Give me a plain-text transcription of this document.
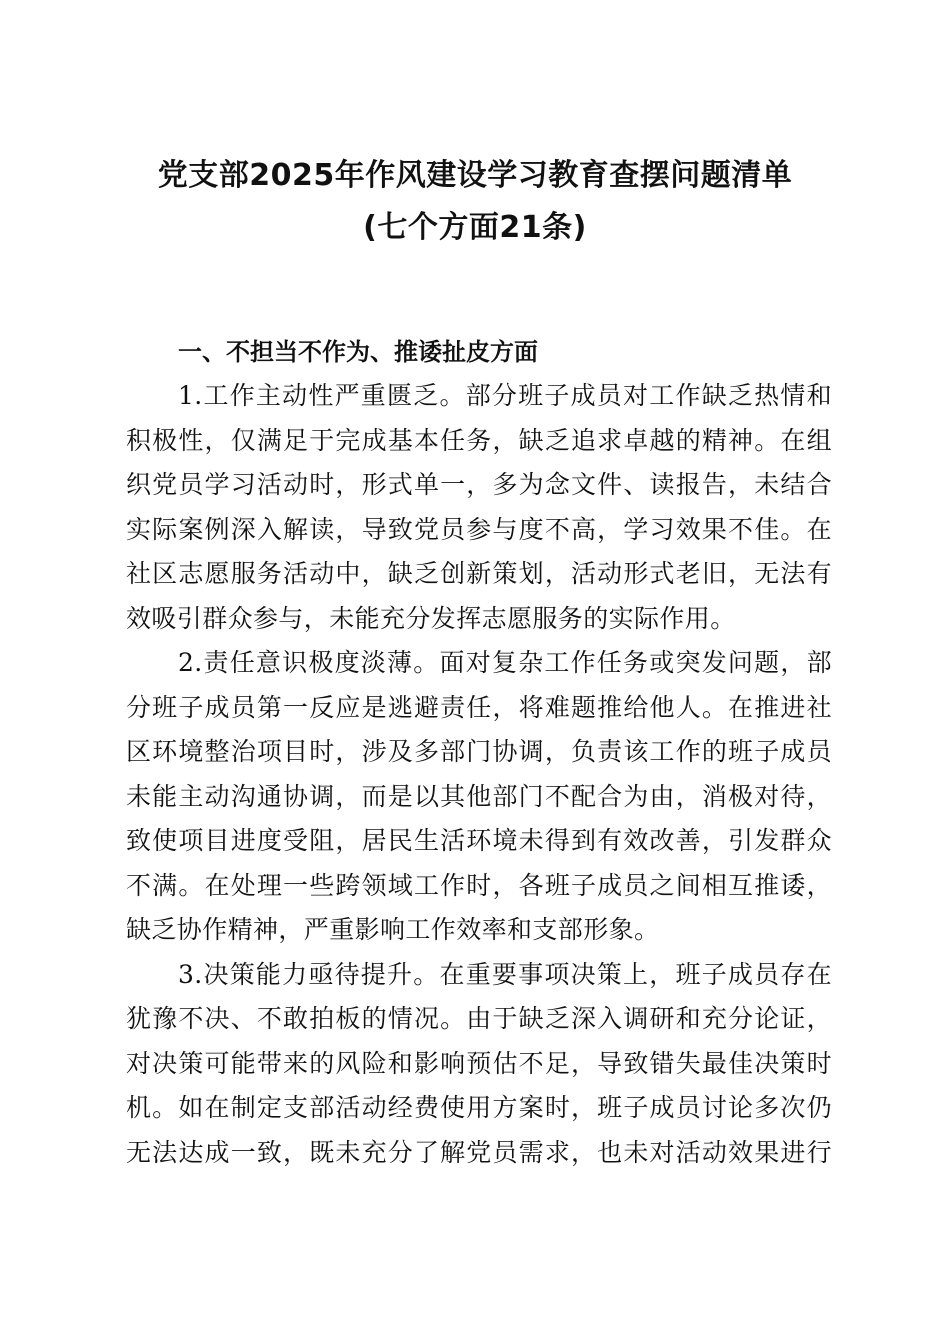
党支部2025年作风建设学习教育查摆问题清单
(七个方面21条)

一、不担当不作为、推诿扯皮方面

1.工作主动性严重匮乏。部分班子成员对工作缺乏热情和
积极性，仅满足于完成基本任务，缺乏追求卓越的精神。在组
织党员学习活动时，形式单一，多为念文件、读报告，未结合
实际案例深入解读，导致党员参与度不高，学习效果不佳。在
社区志愿服务活动中，缺乏创新策划，活动形式老旧，无法有
效吸引群众参与，未能充分发挥志愿服务的实际作用。

2.责任意识极度淡薄。面对复杂工作任务或突发问题，部
分班子成员第一反应是逃避责任，将难题推给他人。在推进社
区环境整治项目时，涉及多部门协调，负责该工作的班子成员
未能主动沟通协调，而是以其他部门不配合为由，消极对待，
致使项目进度受阻，居民生活环境未得到有效改善，引发群众
不满。在处理一些跨领域工作时，各班子成员之间相互推诿，
缺乏协作精神，严重影响工作效率和支部形象。

3.决策能力亟待提升。在重要事项决策上，班子成员存在
犹豫不决、不敢拍板的情况。由于缺乏深入调研和充分论证，
对决策可能带来的风险和影响预估不足，导致错失最佳决策时
机。如在制定支部活动经费使用方案时，班子成员讨论多次仍
无法达成一致，既未充分了解党员需求，也未对活动效果进行
